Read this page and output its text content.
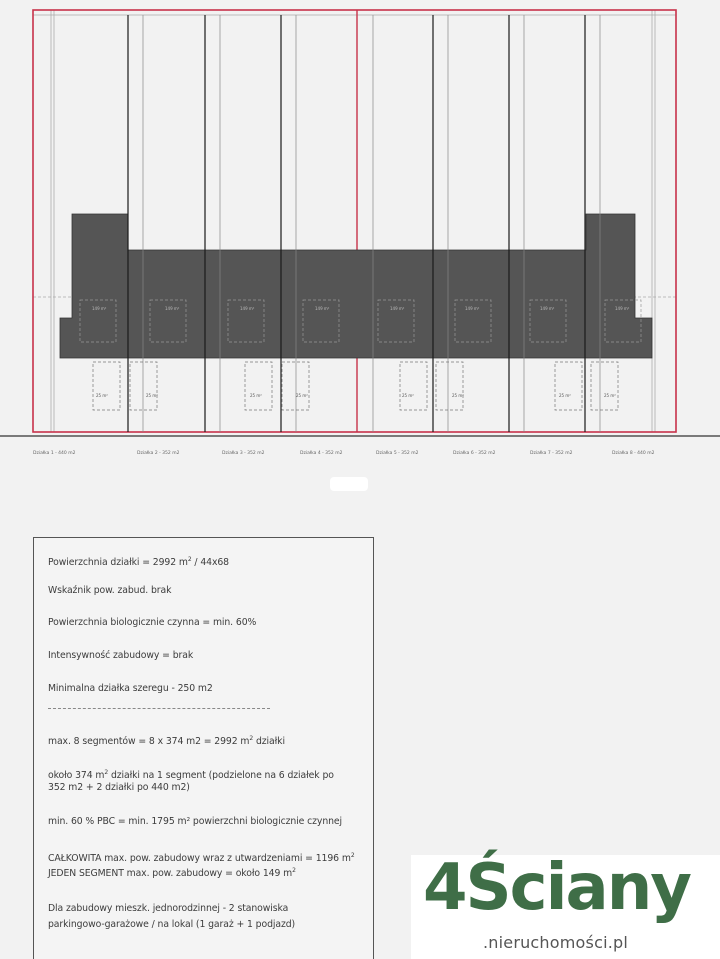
149 m²	149 m²	149 m²	149 m²	149 m²	149 m²	149 m²	149 m²
25 m²	25 m²	25 m²	25 m²	25 m²	25 m²	25 m²	25 m²
Działka 1 - 440 m2	Działka 2 - 352 m2	Działka 3 - 352 m2	Działka 4 - 352 m2	Działka 5 - 352 m2	Działka 6 - 352 m2	Działka 7 - 352 m2	Działka 8 - 440 m2
Powierzchnia działki = 2992 $m^2 / 44x68$
Wskaźnik pow. zabud. brak
Powierzchnia biologicznie czynna = min. 60%
Intensywność zabudowy = brak
Minimalna działka szeregu - 250 m2
max. 8 segmentów = 8 x 374 m2 = 2992 $m^2$ działki
około 374 $m^2$ działki na 1 segment (podzielone na 6 działek po
352 m2 + 2 działki po 440 m2)
min. 60 % PBC = min. 1795 m² powierzchni biologicznie czynnej
CAŁKOWITA max. pow. zabudowy wraz z utwardzeniami = 1196 $m^2$
JEDEN SEGMENT max. pow. zabudowy = około 149 $m^2$
Dla zabudowy mieszk. jednorodzinnej - 2 stanowiska
parkingowo-garażowe / na lokal (1 garaż + 1 podjazd) 4Ściany
.nieruchomości.pl
